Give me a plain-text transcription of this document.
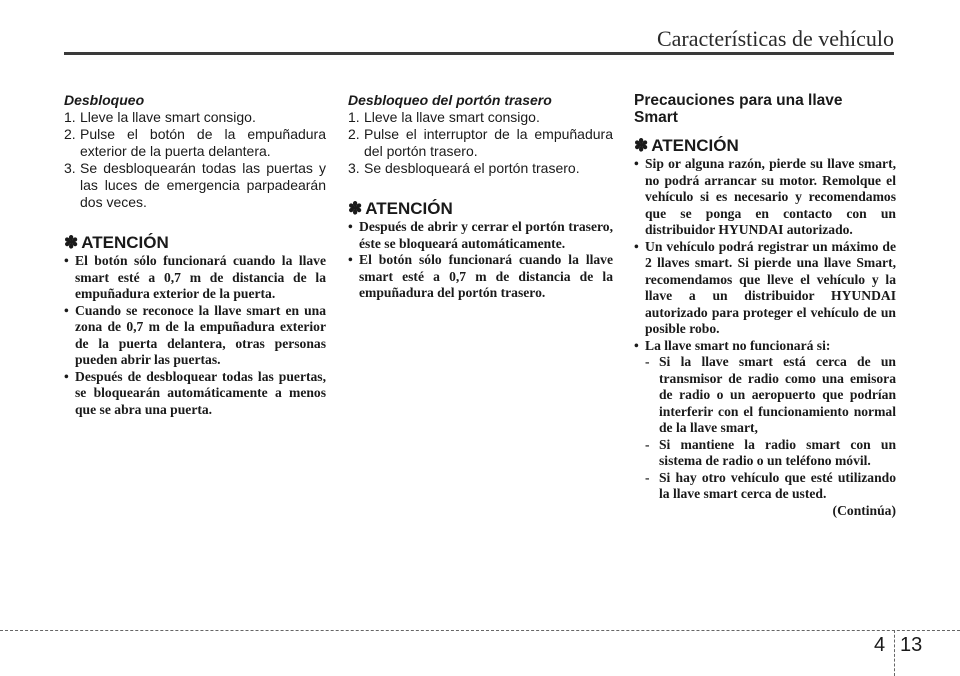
Características de vehículo
Desbloqueo
1. Lleve la llave smart consigo.
2. Pulse el botón de la empuñadura exterior de la puerta delantera.
3. Se desbloquearán todas las puertas y las luces de emergencia parpadearán dos veces.

✽ ATENCIÓN

• El botón sólo funcionará cuando la llave smart esté a 0,7 m de distancia de la empuñadura exterior de la puerta.
• Cuando se reconoce la llave smart en una zona de 0,7 m de la empuñadura exterior de la puerta delantera, otras personas pueden abrir las puertas.
• Después de desbloquear todas las puertas, se bloquearán automáticamente a menos que se abra una puerta.
Desbloqueo del portón trasero
1. Lleve la llave smart consigo.
2. Pulse el interruptor de la empuñadura del portón trasero.
3. Se desbloqueará el portón trasero.

✽ ATENCIÓN

• Después de abrir y cerrar el portón trasero, éste se bloqueará automáticamente.
• El botón sólo funcionará cuando la llave smart esté a 0,7 m de distancia de la empuñadura del portón trasero.

Precauciones para una llave
Smart

✽ ATENCIÓN

• Sip or alguna razón, pierde su llave smart, no podrá arrancar su motor. Remolque el vehículo si es necesario y recomendamos que se ponga en contacto con un distribuidor HYUNDAI autorizado.
• Un vehículo podrá registrar un máximo de 2 llaves smart. Si pierde una llave Smart, recomendamos que lleve el vehículo y la llave a un distribuidor HYUNDAI autorizado para proteger el vehículo de un posible robo.
• La llave smart no funcionará si:
- Si la llave smart está cerca de un transmisor de radio como una emisora de radio o un aeropuerto que podrían interferir con el funcionamiento normal de la llave smart,
- Si mantiene la radio smart con un sistema de radio o un teléfono móvil.
- Si hay otro vehículo que esté utilizando la llave smart cerca de usted.
(Continúa)
4 13
